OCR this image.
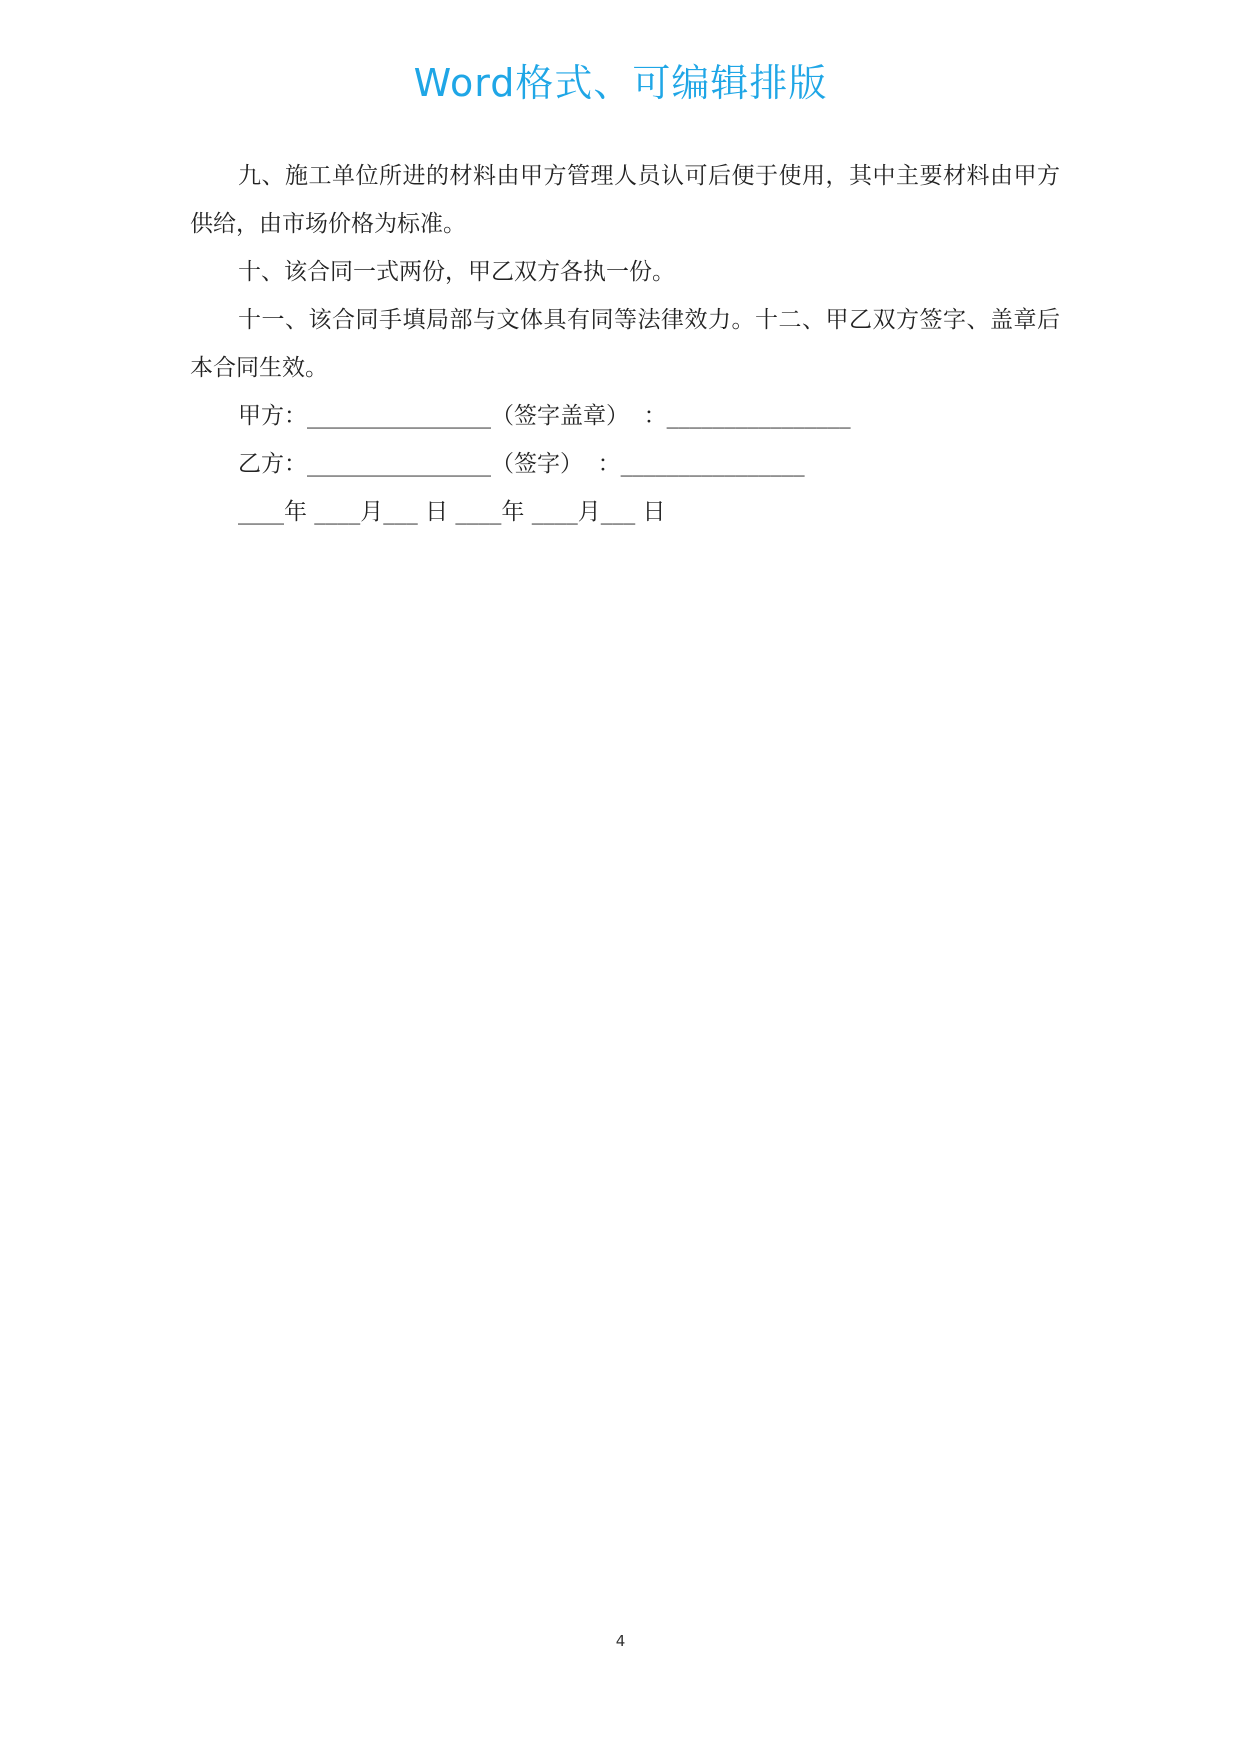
Word格式、可编辑排版

九、施工单位所进的材料由甲方管理人员认可后便于使用，其中主要材料由甲方供给，由市场价格为标准。

十、该合同一式两份，甲乙双方各执一份。

十一、该合同手填局部与文体具有同等法律效力。十二、甲乙双方签字、盖章后本合同生效。

甲方：________________（签字盖章）  ：________________

乙方：________________（签字）  ：________________

____年 ____月___ 日 ____年 ____月___ 日

4
